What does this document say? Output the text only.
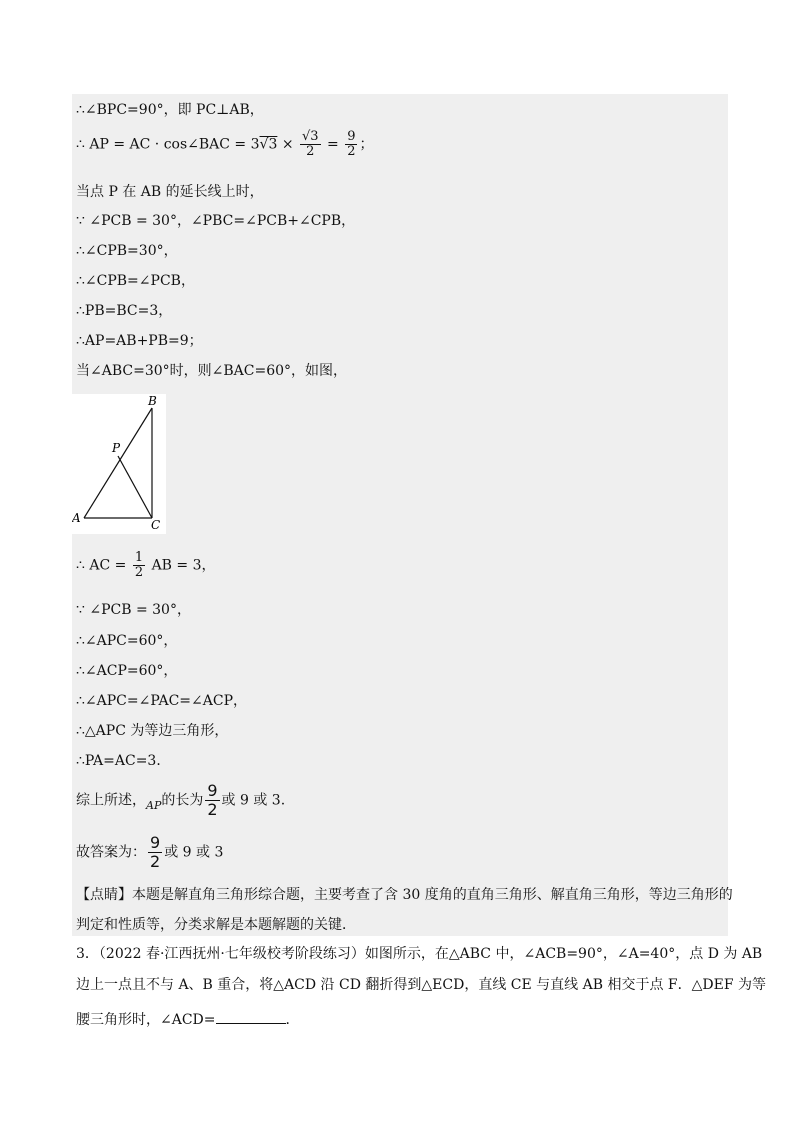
∴∠BPC=90°，即 PC⊥AB，
∴ AP = AC · cos∠BAC = $3√3 \times \frac{√3}{2} = \frac{9}{2}$ ；
当点 P 在 AB 的延长线上时，
∵ ∠PCB = 30°，∠PBC=∠PCB+∠CPB，
∴∠CPB=30°，
∴∠CPB=∠PCB，
∴PB=BC=3，
∴AP=AB+PB=9；
当∠ABC=30°时，则∠BAC=60°，如图，
B
P
A	C
∴ AC = $\frac{1}{2}$ AB = 3，
∵ ∠PCB = 30°，
∴∠APC=60°，
∴∠ACP=60°，
∴∠APC=∠PAC=∠ACP，
∴△APC 为等边三角形，
∴PA=AC=3．
综上所述，$_{AP}$的长为 $\frac{9}{2}$ 或 9 或 3.
故答案为： $\frac{9}{2}$ 或 9 或 3
【点睛】本题是解直角三角形综合题，主要考查了含 30 度角的直角三角形、解直角三角形，等边三角形的
判定和性质等，分类求解是本题解题的关键．
3．（2022 春·江西抚州·七年级校考阶段练习）如图所示，在△ABC 中，∠ACB=90°，∠A=40°，点 D 为 AB
边上一点且不与 A、B 重合，将△ACD 沿 CD 翻折得到△ECD，直线 CE 与直线 AB 相交于点 F．△DEF 为等
腰三角形时，∠ACD=	．
